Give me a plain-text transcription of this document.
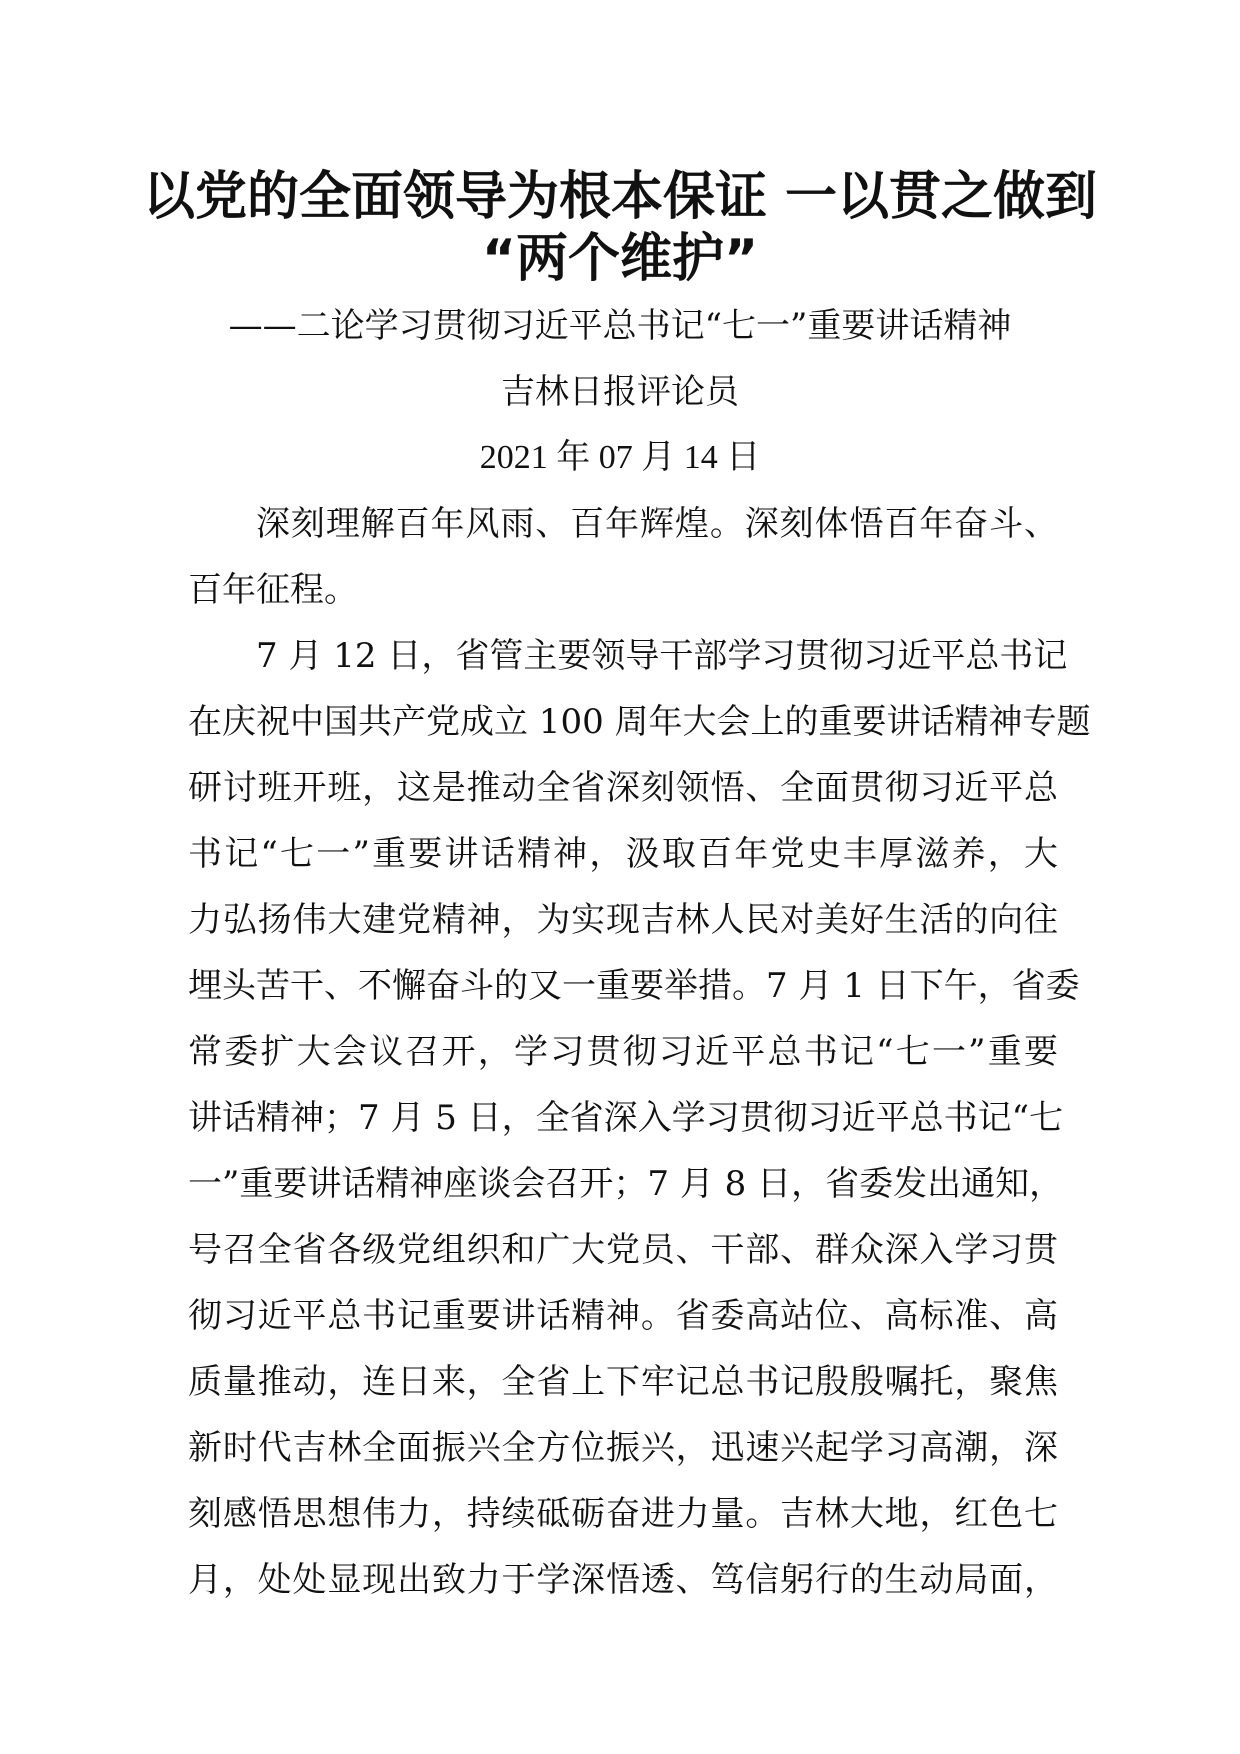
以党的全面领导为根本保证 一以贯之做到
“两个维护”
——二论学习贯彻习近平总书记“七一”重要讲话精神
吉林日报评论员
2021 年 07 月 14 日
深刻理解百年风雨、百年辉煌。深刻体悟百年奋斗、
百年征程。
7 月 12 日，省管主要领导干部学习贯彻习近平总书记
在庆祝中国共产党成立 100 周年大会上的重要讲话精神专题
研讨班开班，这是推动全省深刻领悟、全面贯彻习近平总
书记“七一”重要讲话精神，汲取百年党史丰厚滋养，大
力弘扬伟大建党精神，为实现吉林人民对美好生活的向往
埋头苦干、不懈奋斗的又一重要举措。7 月 1 日下午，省委
常委扩大会议召开，学习贯彻习近平总书记“七一”重要
讲话精神；7 月 5 日，全省深入学习贯彻习近平总书记“七
一”重要讲话精神座谈会召开；7 月 8 日，省委发出通知，
号召全省各级党组织和广大党员、干部、群众深入学习贯
彻习近平总书记重要讲话精神。省委高站位、高标准、高
质量推动，连日来，全省上下牢记总书记殷殷嘱托，聚焦
新时代吉林全面振兴全方位振兴，迅速兴起学习高潮，深
刻感悟思想伟力，持续砥砺奋进力量。吉林大地，红色七
月，处处显现出致力于学深悟透、笃信躬行的生动局面，
